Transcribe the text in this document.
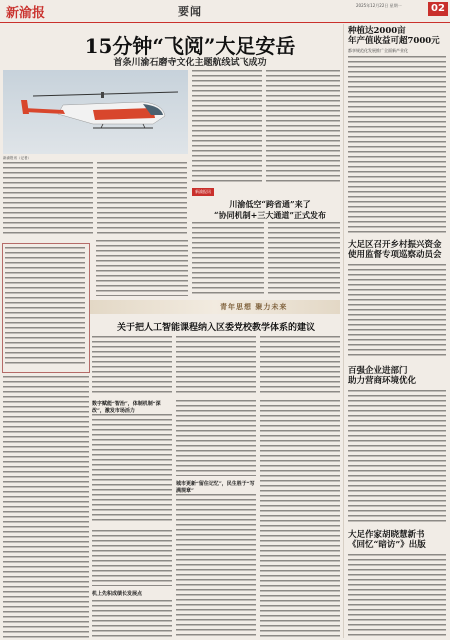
新渝报	要闻	2025年12月22日 星期一	02
15分钟“飞阅”大足安岳
首条川渝石磨寺文化主题航线试飞成功
新渝报讯（记者）
新渝报讯
川渝低空“跨省通”来了
“协同机制+三大通道”正式发布
青年思想 聚力未来
关于把人工智能课程纳入区委党校教学体系的建议
数字赋能“智治”，体制机制“深改”，激发市场活力
城市更新“留住记忆”，民生胜于“写满规章”
机上先积成绩长发展点
种植达2000亩
年产值收益可超7000元
都享规范化发展推广全面新产业化
大足区召开乡村振兴资金
使用监督专项巡察动员会
百强企业进部门
助力营商环境优化
大足作家胡晓慧新书
《回忆“暗访”》出版
